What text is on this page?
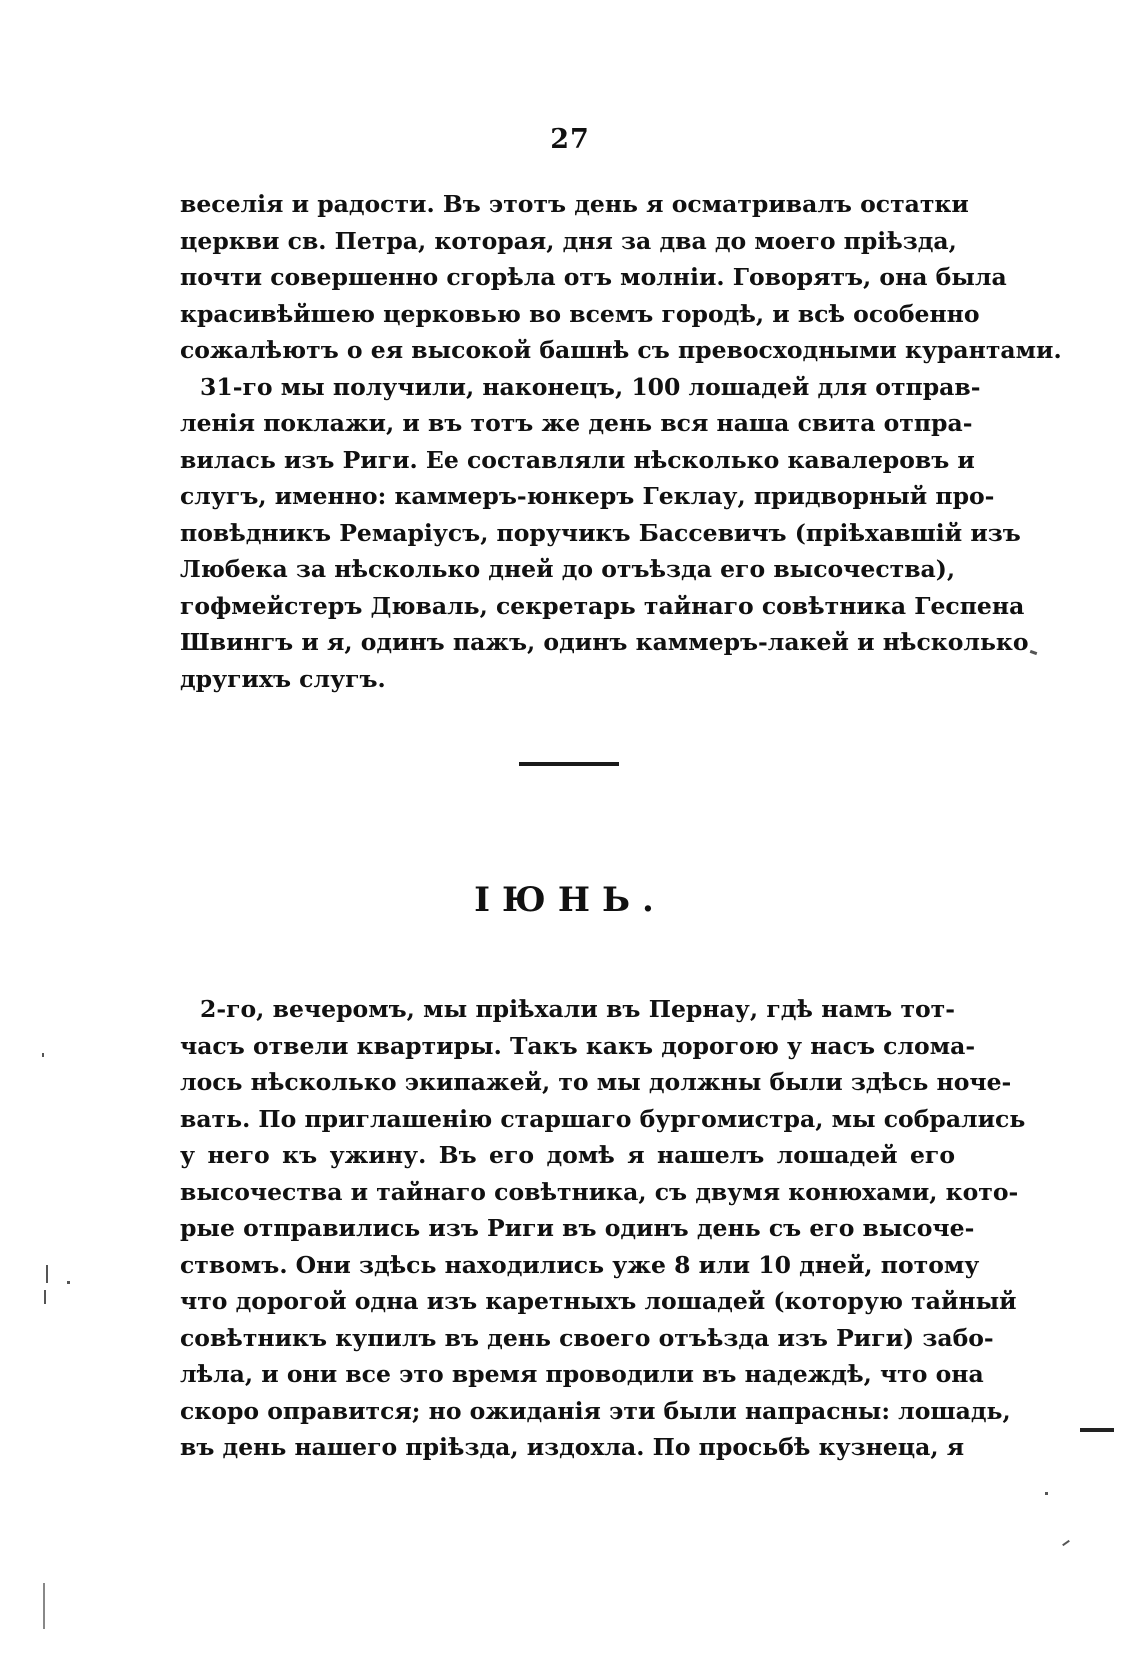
27
веселія и радости. Въ этотъ день я осматривалъ остатки
церкви св. Петра, которая, дня за два до моего пріѣзда,
почти совершенно сгорѣла отъ молніи. Говорятъ, она была
красивѣйшею церковью во всемъ городѣ, и всѣ особенно
сожалѣютъ о ея высокой башнѣ съ превосходными курантами.
31-го мы получили, наконецъ, 100 лошадей для отправ-
ленія поклажи, и въ тотъ же день вся наша свита отпра-
вилась изъ Риги. Ее составляли нѣсколько кавалеровъ и
слугъ, именно: каммеръ-юнкеръ Геклау, придворный про-
повѣдникъ Ремаріусъ, поручикъ Бассевичъ (пріѣхавшій изъ
Любека за нѣсколько дней до отъѣзда его высочества),
гофмейстеръ Дюваль, секретарь тайнаго совѣтника Геспена
Швингъ и я, одинъ пажъ, одинъ каммеръ-лакей и нѣсколько
другихъ слугъ.
ІЮНЬ.
2-го, вечеромъ, мы пріѣхали въ Пернау, гдѣ намъ тот-
часъ отвели квартиры. Такъ какъ дорогою у насъ слома-
лось нѣсколько экипажей, то мы должны были здѣсь ночe-
вать. По приглашенію старшаго бургомистра, мы собрались
у него къ ужину. Въ его домѣ я нашелъ лошадей его
высочества и тайнаго совѣтника, съ двумя конюхами, кото-
рые отправились изъ Риги въ одинъ день съ его высоче-
ствомъ. Они здѣсь находились уже 8 или 10 дней, потому
что дорогой одна изъ каретныхъ лошадей (которую тайный
совѣтникъ купилъ въ день своего отъѣзда изъ Риги) забо-
лѣла, и они все это время проводили въ надеждѣ, что она
скоро оправится; но ожиданія эти были напрасны: лошадь,
въ день нашего пріѣзда, издохла. По просьбѣ кузнеца, я
